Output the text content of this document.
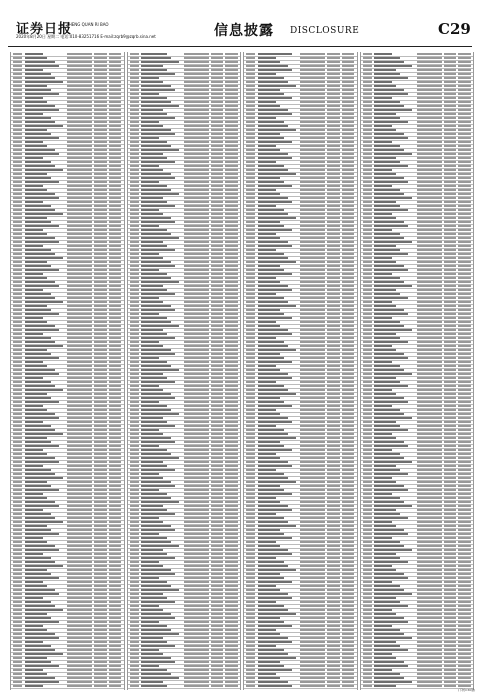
证券日报
ZHENG QUAN RI BAO
2020年8月20日 星期二 电话:010-83251716 E-mail:zqrb9@zqrb.sina.net	信息披露 DISCLOSURE	C29
(下转C30版)
